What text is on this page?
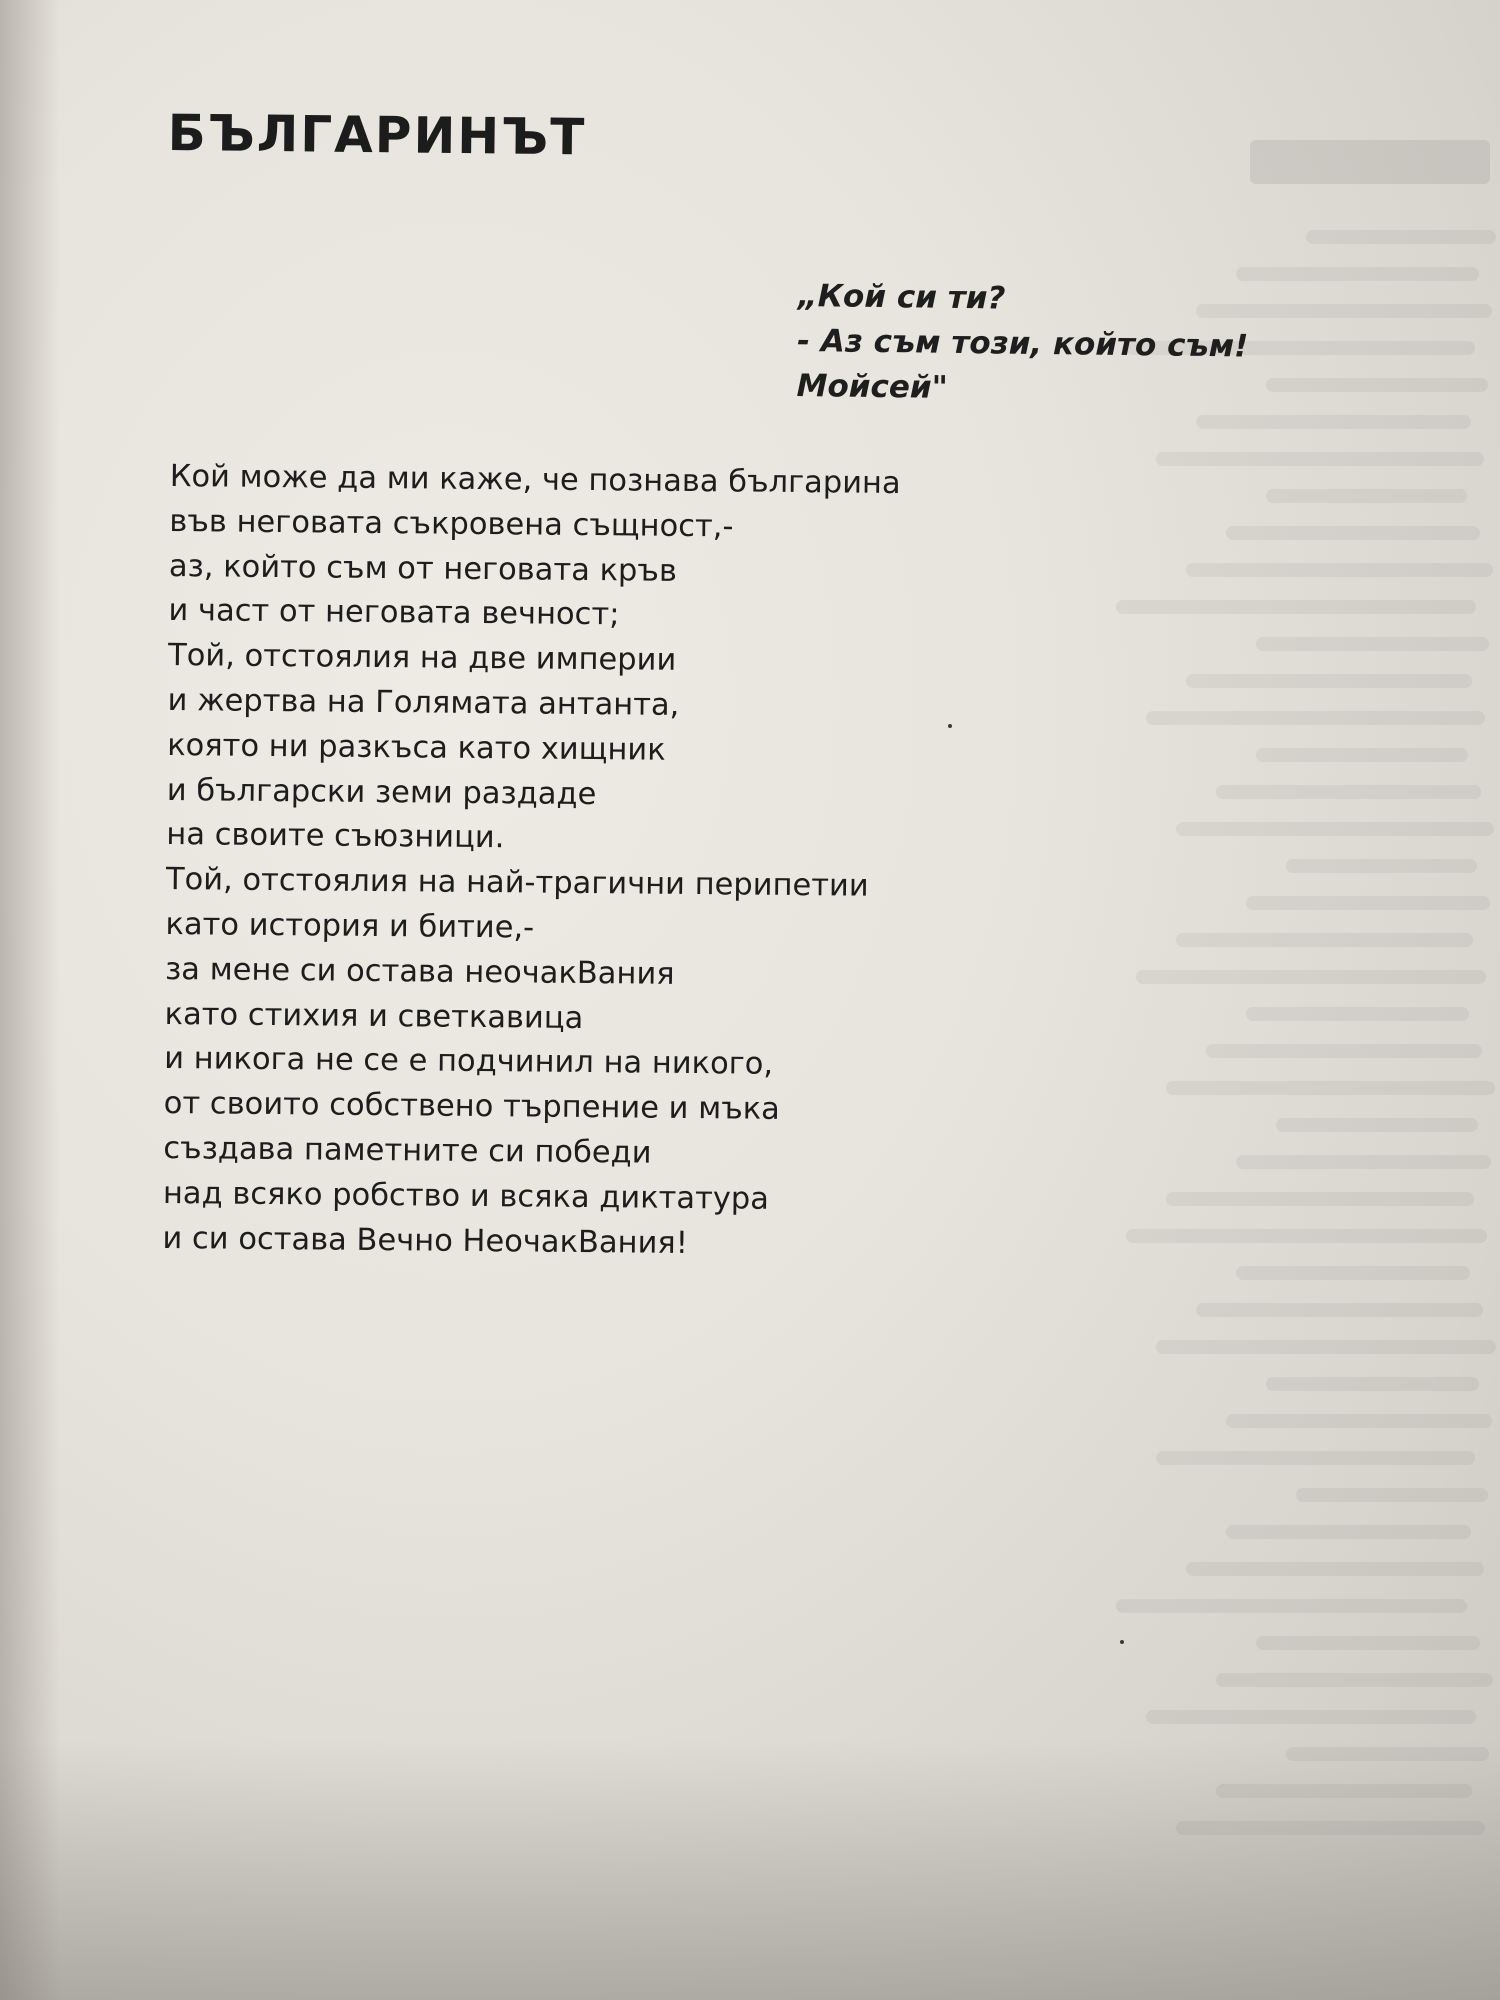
БЪЛГАРИНЪТ
„Кой си ти?
- Аз съм този, който съм!
Мойсей"
Кой може да ми каже, че познава българина
във неговата съкровена същност,-
аз, който съм от неговата кръв
и част от неговата вечност;
Той, отстоялия на две империи
и жертва на Голямата антанта,
която ни разкъса като хищник
и български земи раздаде
на своите съюзници.
Той, отстоялия на най-трагични перипетии
като история и битие,-
за мене си остава неочакВания
като стихия и светкавица
и никога не се е подчинил на никого,
от своито собствено търпение и мъка
създава паметните си победи
над всяко робство и всяка диктатура
и си остава Вечно НеочакВания!
